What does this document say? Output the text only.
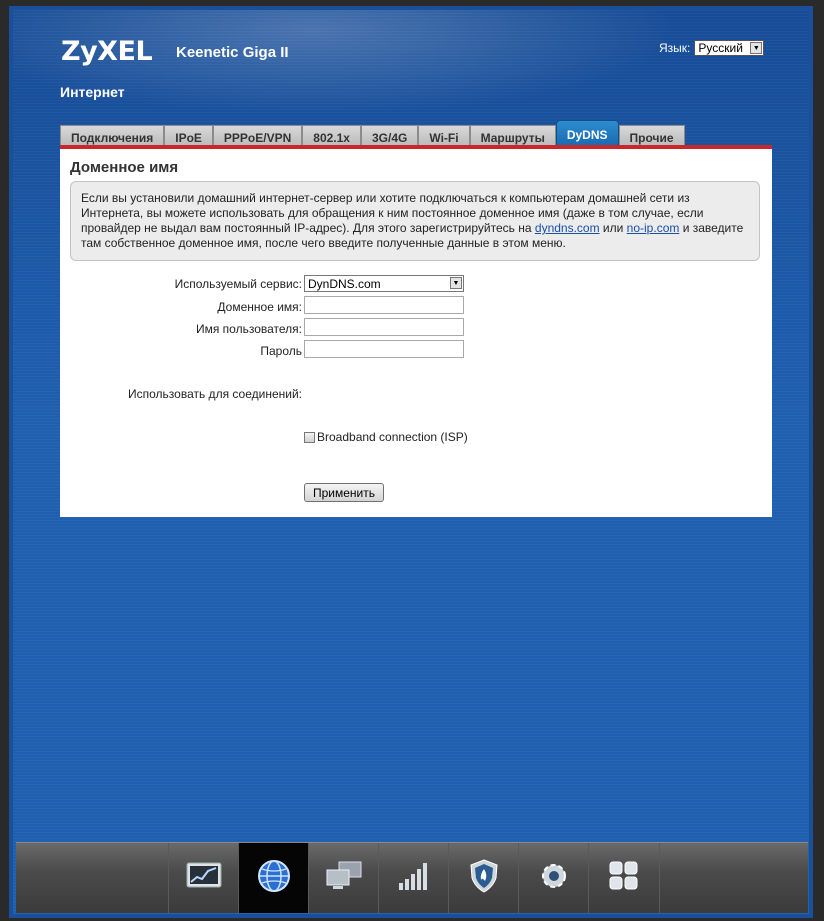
ZyXEL Keenetic Giga II	Язык: Русский	▼
Интернет
Подключения	IPoE	PPPoE/VPN	802.1x	3G/4G	Wi-Fi	Маршруты	DyDNS	Прочие
Доменное имя
Если вы установили домашний интернет-сервер или хотите подключаться к компьютерам домашней сети из Интернета, вы можете использовать для обращения к ним постоянное доменное имя (даже в том случае, если провайдер не выдал вам постоянный IP-адрес). Для этого зарегистрируйтесь на dyndns.com или no-ip.com и заведите там собственное доменное имя, после чего введите полученные данные в этом меню.
Используемый сервис: DynDNS.com	▼
Доменное имя:
Имя пользователя:
Пароль
Использовать для соединений:
Broadband connection (ISP)
Применить
